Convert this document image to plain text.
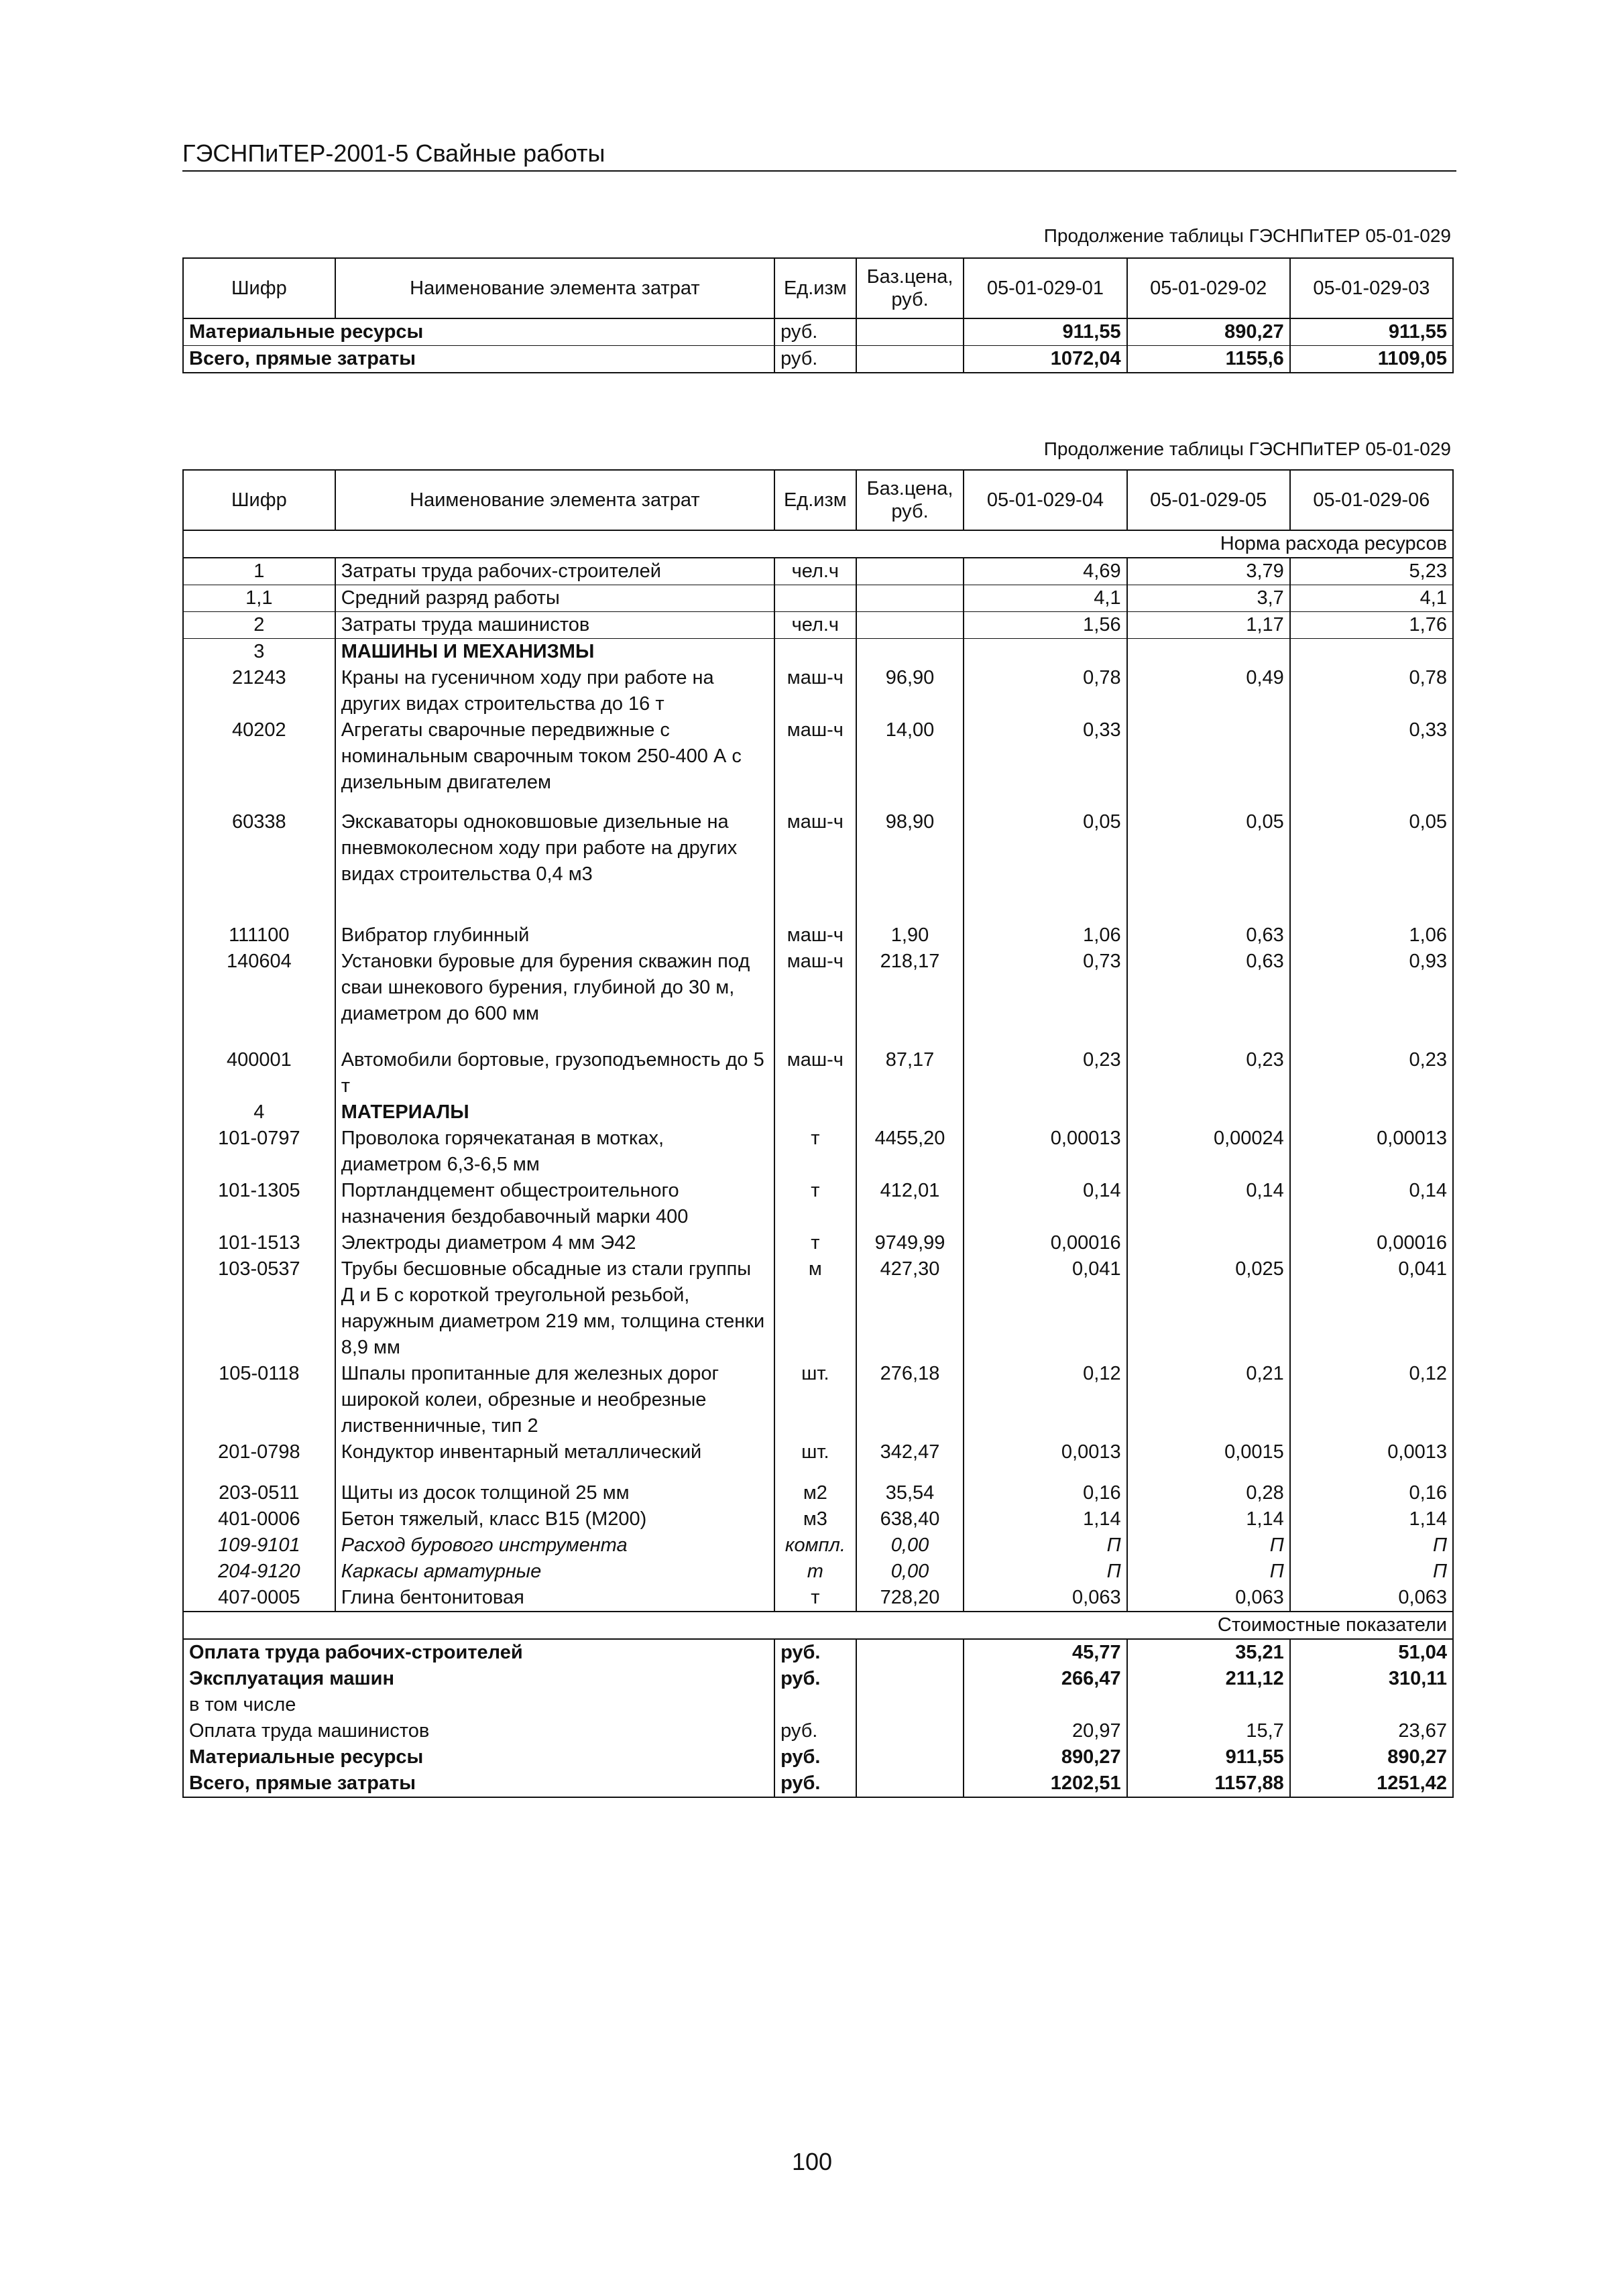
ГЭСНПиТЕР-2001-5 Свайные работы
Продолжение таблицы ГЭСНПиТЕР 05-01-029
Шифр	Наименование элемента затрат	Ед.изм	Баз.цена, руб.	05-01-029-01	05-01-029-02	05-01-029-03
Материальные ресурсы		руб.		911,55	890,27	911,55
Всего, прямые затраты		руб.		1072,04	1155,6	1109,05
Продолжение таблицы ГЭСНПиТЕР 05-01-029
Шифр	Наименование элемента затрат	Ед.изм	Баз.цена, руб.	05-01-029-04	05-01-029-05	05-01-029-06
Норма расхода ресурсов						
1	Затраты труда рабочих-строителей	чел.ч		4,69	3,79	5,23
1,1	Средний разряд работы			4,1	3,7	4,1
2	Затраты труда машинистов	чел.ч		1,56	1,17	1,76
3	МАШИНЫ И МЕХАНИЗМЫ					
21243	Краны на гусеничном ходу при работе на других видах строительства до 16 т	маш-ч	96,90	0,78	0,49	0,78
40202	Агрегаты сварочные передвижные с номинальным сварочным током 250-400 А с дизельным двигателем	маш-ч	14,00	0,33		0,33
60338	Экскаваторы одноковшовые дизельные на пневмоколесном ходу при работе на других видах строительства 0,4 м3	маш-ч	98,90	0,05	0,05	0,05
111100	Вибратор глубинный	маш-ч	1,90	1,06	0,63	1,06
140604	Установки буровые для бурения скважин под сваи шнекового бурения, глубиной до 30 м, диаметром до 600 мм	маш-ч	218,17	0,73	0,63	0,93
400001	Автомобили бортовые, грузоподъемность до 5 т	маш-ч	87,17	0,23	0,23	0,23
4	МАТЕРИАЛЫ					
101-0797	Проволока горячекатаная в мотках, диаметром 6,3-6,5 мм	т	4455,20	0,00013	0,00024	0,00013
101-1305	Портландцемент общестроительного назначения бездобавочный марки 400	т	412,01	0,14	0,14	0,14
101-1513	Электроды диаметром 4 мм Э42	т	9749,99	0,00016		0,00016
103-0537	Трубы бесшовные обсадные из стали группы Д и Б с короткой треугольной резьбой, наружным диаметром 219 мм, толщина стенки 8,9 мм	м	427,30	0,041	0,025	0,041
105-0118	Шпалы пропитанные для железных дорог широкой колеи, обрезные и необрезные лиственничные, тип 2	шт.	276,18	0,12	0,21	0,12
201-0798	Кондуктор инвентарный металлический	шт.	342,47	0,0013	0,0015	0,0013
203-0511	Щиты из досок толщиной 25 мм	м2	35,54	0,16	0,28	0,16
401-0006	Бетон тяжелый, класс В15 (М200)	м3	638,40	1,14	1,14	1,14
109-9101	Расход бурового инструмента	компл.	0,00	П	П	П
204-9120	Каркасы арматурные	т	0,00	П	П	П
407-0005	Глина бентонитовая	т	728,20	0,063	0,063	0,063
Стоимостные показатели						
Оплата труда рабочих-строителей		руб.		45,77	35,21	51,04
Эксплуатация машин		руб.		266,47	211,12	310,11
в том числе						
Оплата труда машинистов		руб.		20,97	15,7	23,67
Материальные ресурсы		руб.		890,27	911,55	890,27
Всего, прямые затраты		руб.		1202,51	1157,88	1251,42
100
